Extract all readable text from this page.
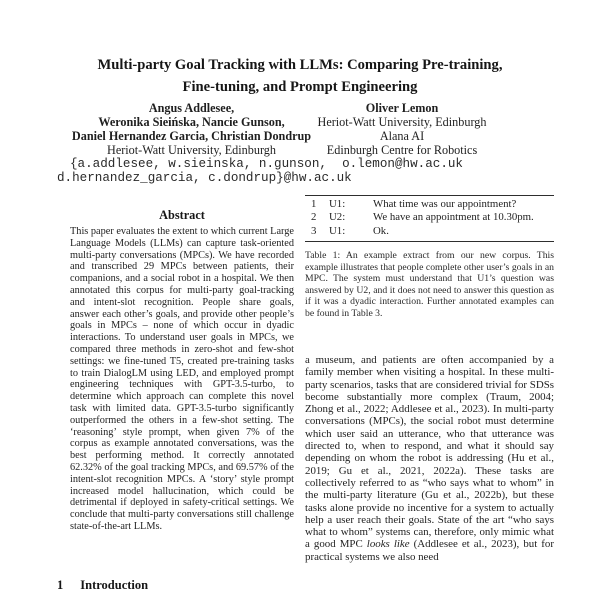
Multi-party Goal Tracking with LLMs: Comparing Pre-training,
Fine-tuning, and Prompt Engineering
Angus Addlesee,
Weronika Sieińska, Nancie Gunson,
Daniel Hernandez Garcia, Christian Dondrup
Heriot-Watt University, Edinburgh
Oliver Lemon
Heriot-Watt University, Edinburgh
Alana AI
Edinburgh Centre for Robotics
{a.addlesee, w.sieinska, n.gunson,  o.lemon@hw.ac.uk
d.hernandez_garcia, c.dondrup}@hw.ac.uk
Abstract
This paper evaluates the extent to which current Large Language Models (LLMs) can capture task-oriented multi-party conversations (MPCs). We have recorded and transcribed 29 MPCs between patients, their companions, and a social robot in a hospital. We then annotated this corpus for multi-party goal-tracking and intent-slot recognition. People share goals, answer each other’s goals, and provide other people’s goals in MPCs – none of which occur in dyadic interactions. To understand user goals in MPCs, we compared three methods in zero-shot and few-shot settings: we fine-tuned T5, created pre-training tasks to train DialogLM using LED, and employed prompt engineering techniques with GPT-3.5-turbo, to determine which approach can complete this novel task with limited data. GPT-3.5-turbo significantly outperformed the others in a few-shot setting. The ‘reasoning’ style prompt, when given 7% of the corpus as example annotated conversations, was the best performing method. It correctly annotated 62.32% of the goal tracking MPCs, and 69.57% of the intent-slot recognition MPCs. A ‘story’ style prompt increased model hallucination, which could be detrimental if deployed in safety-critical settings. We conclude that multi-party conversations still challenge state-of-the-art LLMs.
1 Introduction
1	U1:	What time was our appointment?
2	U2:	We have an appointment at 10.30pm.
3	U1:	Ok.
Table 1: An example extract from our new corpus. This example illustrates that people complete other user’s goals in an MPC. The system must understand that U1’s question was answered by U2, and it does not need to answer this question as if it was a dyadic interaction. Further annotated examples can be found in Table 3.
a museum, and patients are often accompanied by a family member when visiting a hospital. In these multi-party scenarios, tasks that are considered trivial for SDSs become substantially more complex (Traum, 2004; Zhong et al., 2022; Addlesee et al., 2023). In multi-party conversations (MPCs), the social robot must determine which user said an utterance, who that utterance was directed to, when to respond, and what it should say depending on whom the robot is addressing (Hu et al., 2019; Gu et al., 2021, 2022a). These tasks are collectively referred to as “who says what to whom” in the multi-party literature (Gu et al., 2022b), but these tasks alone provide no incentive for a system to actually help a user reach their goals. State of the art “who says what to whom” systems can, therefore, only mimic what a good MPC looks like (Addlesee et al., 2023), but for practical systems we also need
